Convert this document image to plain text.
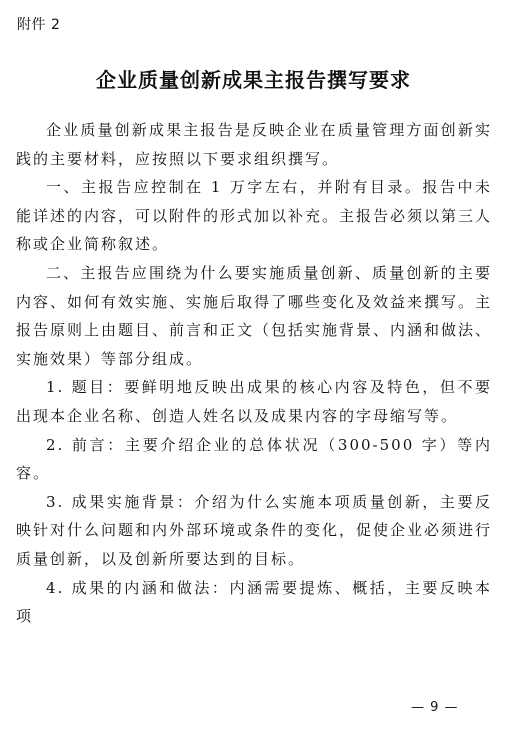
附件 2
企业质量创新成果主报告撰写要求

企业质量创新成果主报告是反映企业在质量管理方面创新实践的主要材料，应按照以下要求组织撰写。

一、主报告应控制在 1 万字左右，并附有目录。报告中未能详述的内容，可以附件的形式加以补充。主报告必须以第三人称或企业简称叙述。

二、主报告应围绕为什么要实施质量创新、质量创新的主要内容、如何有效实施、实施后取得了哪些变化及效益来撰写。主报告原则上由题目、前言和正文（包括实施背景、内涵和做法、实施效果）等部分组成。

1. 题目：要鲜明地反映出成果的核心内容及特色，但不要出现本企业名称、创造人姓名以及成果内容的字母缩写等。

2. 前言：主要介绍企业的总体状况（300-500 字）等内容。

3. 成果实施背景：介绍为什么实施本项质量创新，主要反映针对什么问题和内外部环境或条件的变化，促使企业必须进行质量创新，以及创新所要达到的目标。

4. 成果的内涵和做法：内涵需要提炼、概括，主要反映本项

— 9 —
